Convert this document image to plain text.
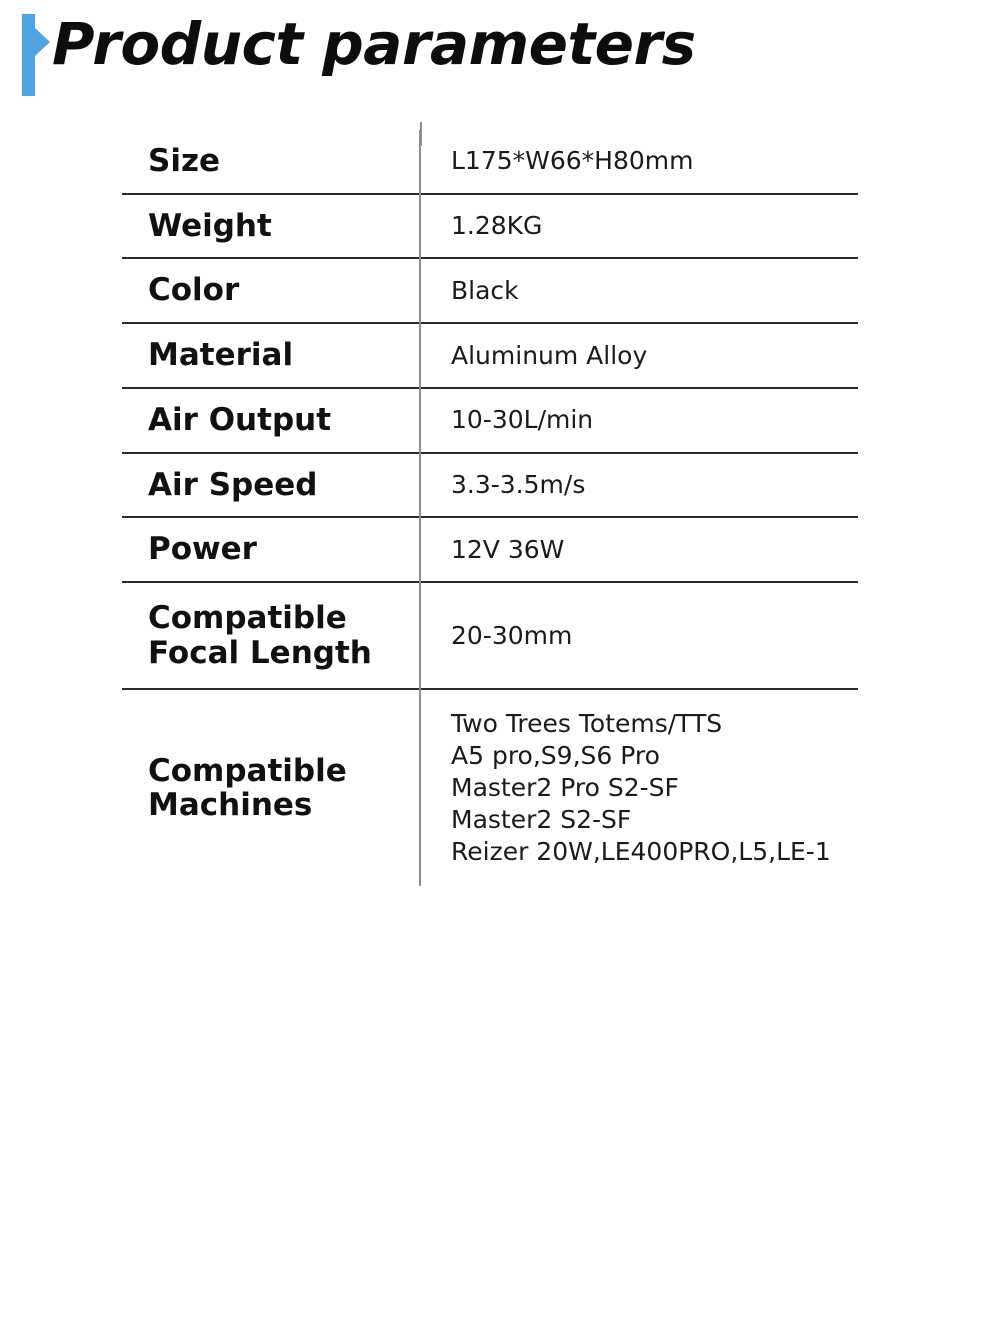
Product parameters
Size	L175*W66*H80mm

Weight	1.28KG

Color	Black

Material	Aluminum Alloy

Air Output	10-30L/min

Air Speed	3.3-3.5m/s

Power	12V 36W

Compatible
Focal Length	20-30mm

Compatible
Machines	Two Trees Totems/TTS
A5 pro,S9,S6 Pro
Master2 Pro S2-SF
Master2 S2-SF
Reizer 20W,LE400PRO,L5,LE-1
